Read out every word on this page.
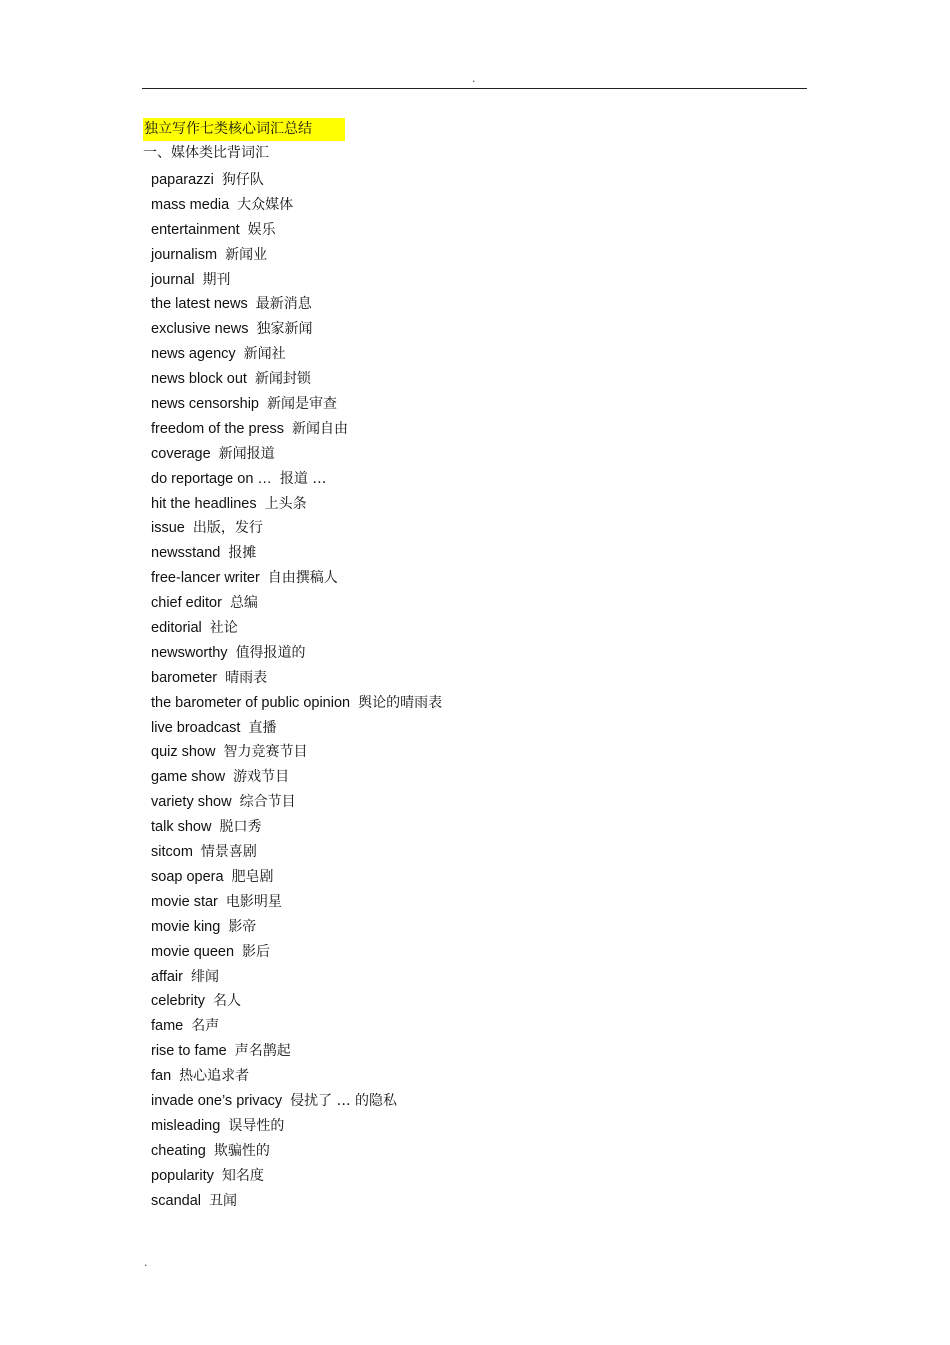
.
独立写作七类核心词汇总结
一、媒体类比背词汇
paparazzi 狗仔队
mass media 大众媒体
entertainment 娱乐
journalism 新闻业
journal 期刊
the latest news 最新消息
exclusive news 独家新闻
news agency 新闻社
news block out 新闻封锁
news censorship 新闻是审查
freedom of the press 新闻自由
coverage 新闻报道
do reportage on … 报道 …
hit the headlines 上头条
issue 出版，发行
newsstand 报摊
free-lancer writer 自由撰稿人
chief editor 总编
editorial 社论
newsworthy 值得报道的
barometer 晴雨表
the barometer of public opinion 舆论的晴雨表
live broadcast 直播
quiz show 智力竞赛节目
game show 游戏节目
variety show 综合节目
talk show 脱口秀
sitcom 情景喜剧
soap opera 肥皂剧
movie star 电影明星
movie king 影帝
movie queen 影后
affair 绯闻
celebrity 名人
fame 名声
rise to fame 声名鹊起
fan 热心追求者
invade one’s privacy 侵扰了 … 的隐私
misleading 误导性的
cheating 欺骗性的
popularity 知名度
scandal 丑闻
.
